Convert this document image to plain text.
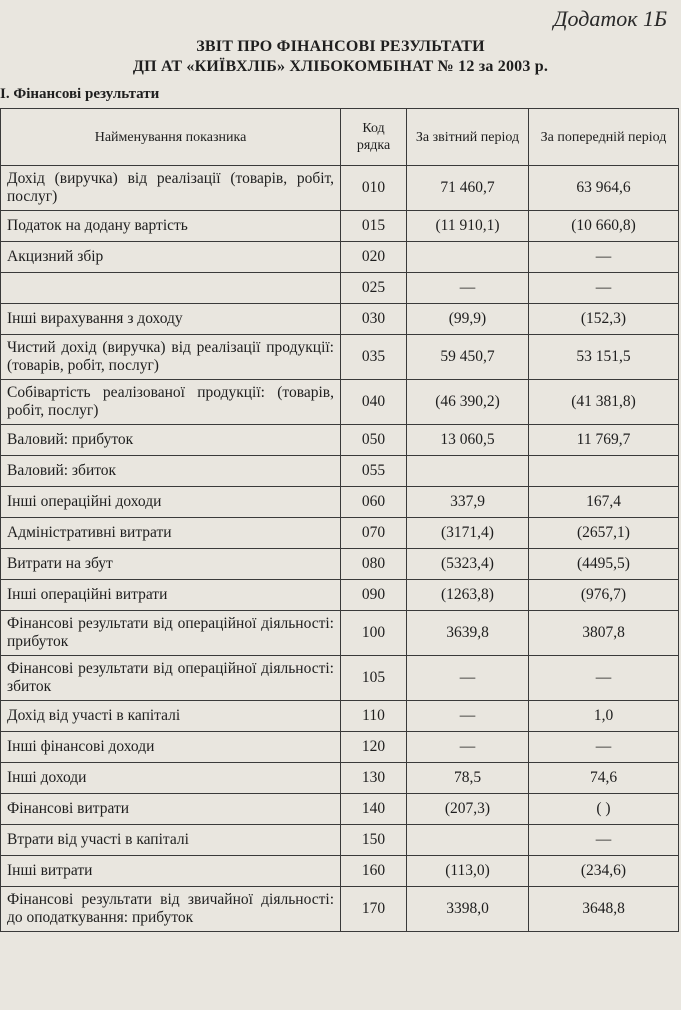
Додаток 1Б
ЗВІТ ПРО ФІНАНСОВІ РЕЗУЛЬТАТИ
ДП АТ «КИЇВХЛІБ» ХЛІБОКОМБІНАТ № 12 за 2003 р.
І. Фінансові результати
Найменування показника	Код рядка	За звітний період	За попередній період
Дохід (виручка) від реалізації (товарів, робіт, послуг)	010	71 460,7	63 964,6
Податок на додану вартість	015	(11 910,1)	(10 660,8)
Акцизний збір	020		—
	025	—	—
Інші вирахування з доходу	030	(99,9)	(152,3)
Чистий дохід (виручка) від реалізації продукції: (товарів, робіт, послуг)	035	59 450,7	53 151,5
Собівартість реалізованої продукції: (товарів, робіт, послуг)	040	(46 390,2)	(41 381,8)
Валовий: прибуток	050	13 060,5	11 769,7
Валовий: збиток	055		
Інші операційні доходи	060	337,9	167,4
Адміністративні витрати	070	(3171,4)	(2657,1)
Витрати на збут	080	(5323,4)	(4495,5)
Інші операційні витрати	090	(1263,8)	(976,7)
Фінансові результати від операційної діяльності: прибуток	100	3639,8	3807,8
Фінансові результати від операційної діяльності: збиток	105	—	—
Дохід від участі в капіталі	110	—	1,0
Інші фінансові доходи	120	—	—
Інші доходи	130	78,5	74,6
Фінансові витрати	140	(207,3)	( )
Втрати від участі в капіталі	150		—
Інші витрати	160	(113,0)	(234,6)
Фінансові результати від звичайної діяльності: до оподаткування: прибуток	170	3398,0	3648,8
